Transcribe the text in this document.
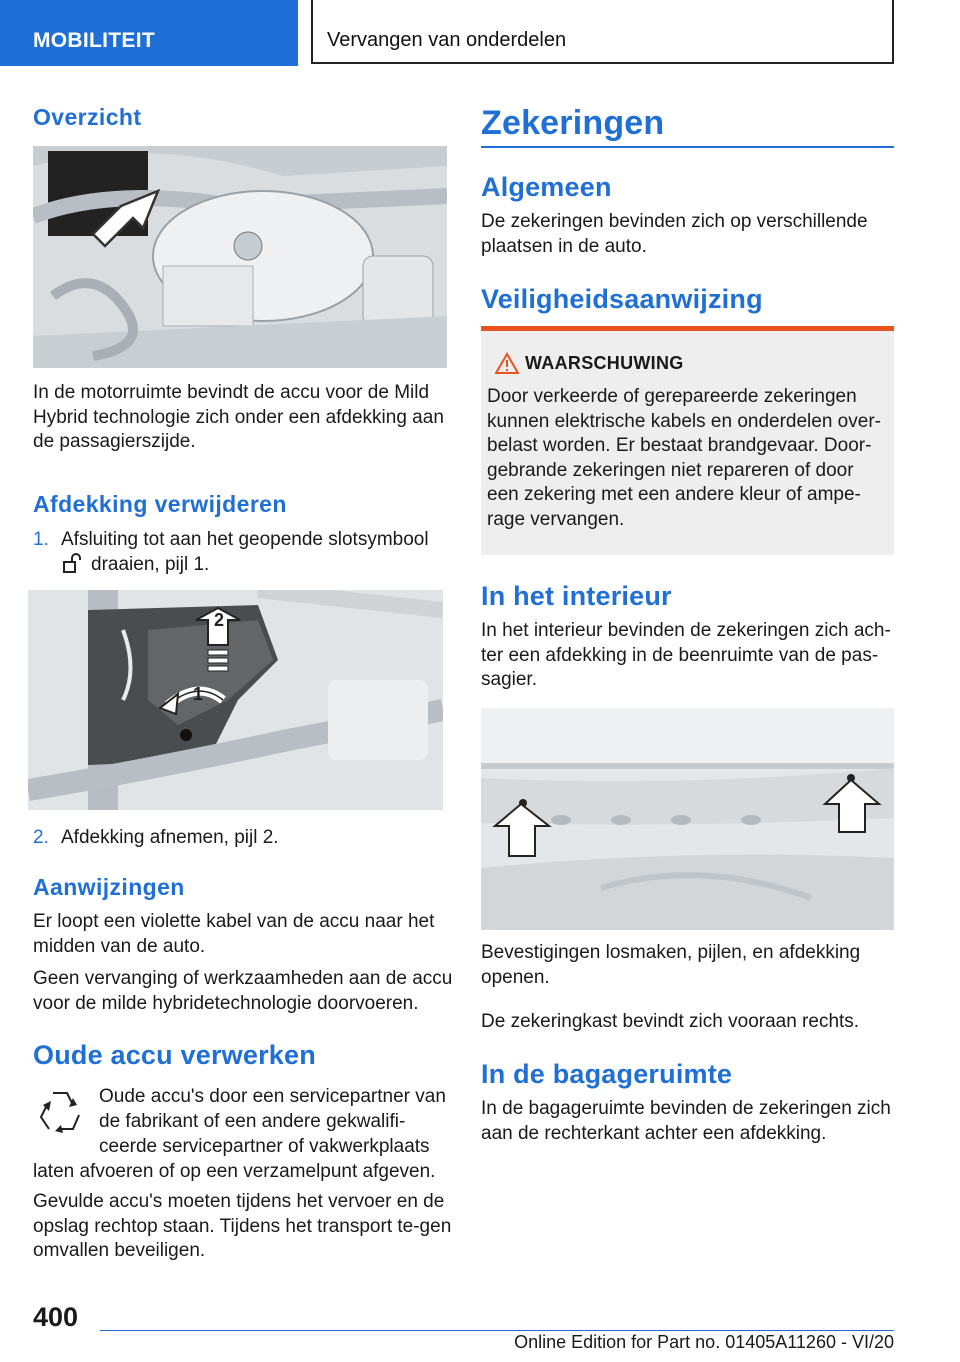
MOBILITEIT	Vervangen van onderdelen
Overzicht
In de motorruimte bevindt de accu voor de Mild Hybrid technologie zich onder een afdekking aan de passagierszijde.
Afdekking verwijderen
1. Afsluiting tot aan het geopende slotsymbool
draaien, pijl 1.
2
1
2. Afdekking afnemen, pijl 2.
Aanwijzingen
Er loopt een violette kabel van de accu naar het midden van de auto.
Geen vervanging of werkzaamheden aan de accu voor de milde hybridetechnologie doorvoeren.
Oude accu verwerken
Oude accu's door een servicepartner van
de fabrikant of een andere gekwalifi-
ceerde servicepartner of vakwerkplaats
laten afvoeren of op een verzamelpunt afgeven.
Gevulde accu's moeten tijdens het vervoer en de opslag rechtop staan. Tijdens het transport te-gen omvallen beveiligen.
Zekeringen
Algemeen
De zekeringen bevinden zich op verschillende plaatsen in de auto.
Veiligheidsaanwijzing
WAARSCHUWING
Door verkeerde of gerepareerde zekeringen kunnen elektrische kabels en onderdelen over-belast worden. Er bestaat brandgevaar. Door-gebrande zekeringen niet repareren of door een zekering met een andere kleur of ampe-rage vervangen.
In het interieur
In het interieur bevinden de zekeringen zich ach-ter een afdekking in de beenruimte van de pas-sagier.
Bevestigingen losmaken, pijlen, en afdekking openen.
De zekeringkast bevindt zich vooraan rechts.
In de bagageruimte
In de bagageruimte bevinden de zekeringen zich aan de rechterkant achter een afdekking.
400
Online Edition for Part no. 01405A11260 - VI/20
